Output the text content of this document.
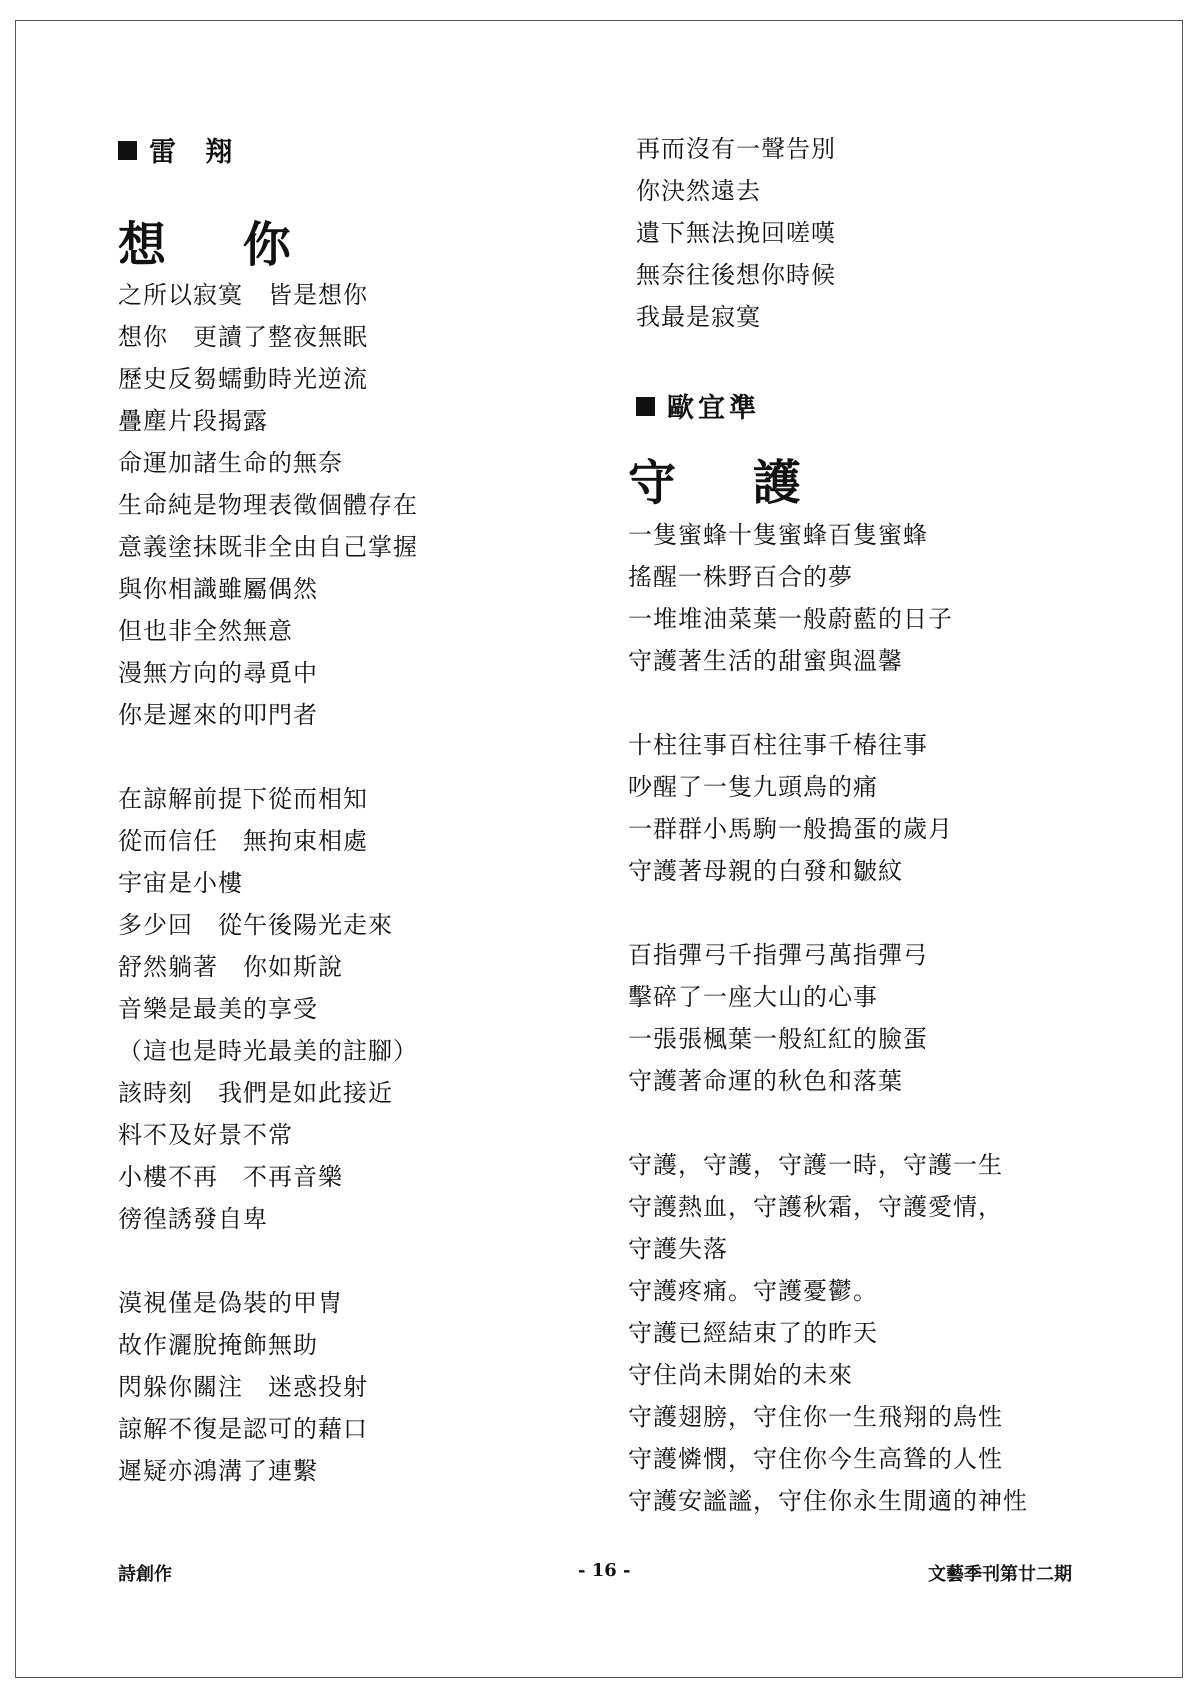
雷 翔
想 你
之所以寂寞　皆是想你
想你　更讀了整夜無眠
歷史反芻蠕動時光逆流
疊塵片段揭露
命運加諸生命的無奈
生命純是物理表徵個體存在
意義塗抹既非全由自己掌握
與你相識雖屬偶然
但也非全然無意
漫無方向的尋覓中
你是遲來的叩門者
在諒解前提下從而相知
從而信任　無拘束相處
宇宙是小樓
多少回　從午後陽光走來
舒然躺著　你如斯說
音樂是最美的享受
（這也是時光最美的註腳）
該時刻　我們是如此接近
料不及好景不常
小樓不再　不再音樂
徬徨誘發自卑
漠視僅是偽裝的甲冑
故作灑脫掩飾無助
閃躲你關注　迷惑投射
諒解不復是認可的藉口
遲疑亦鴻溝了連繫
再而沒有一聲告別
你決然遠去
遺下無法挽回嗟嘆
無奈往後想你時候
我最是寂寞
歐宜準
守 護
一隻蜜蜂十隻蜜蜂百隻蜜蜂
搖醒一株野百合的夢
一堆堆油菜葉一般蔚藍的日子
守護著生活的甜蜜與溫馨
十柱往事百柱往事千椿往事
吵醒了一隻九頭鳥的痛
一群群小馬駒一般搗蛋的歲月
守護著母親的白發和皺紋
百指彈弓千指彈弓萬指彈弓
擊碎了一座大山的心事
一張張楓葉一般紅紅的臉蛋
守護著命運的秋色和落葉
守護，守護，守護一時，守護一生
守護熱血，守護秋霜，守護愛情，
守護失落
守護疼痛。守護憂鬱。
守護已經結束了的昨天
守住尚未開始的未來
守護翅膀，守住你一生飛翔的鳥性
守護憐憫，守住你今生高聳的人性
守護安謐謐，守住你永生閒適的神性
詩創作	- 16 -	文藝季刊第廿二期
